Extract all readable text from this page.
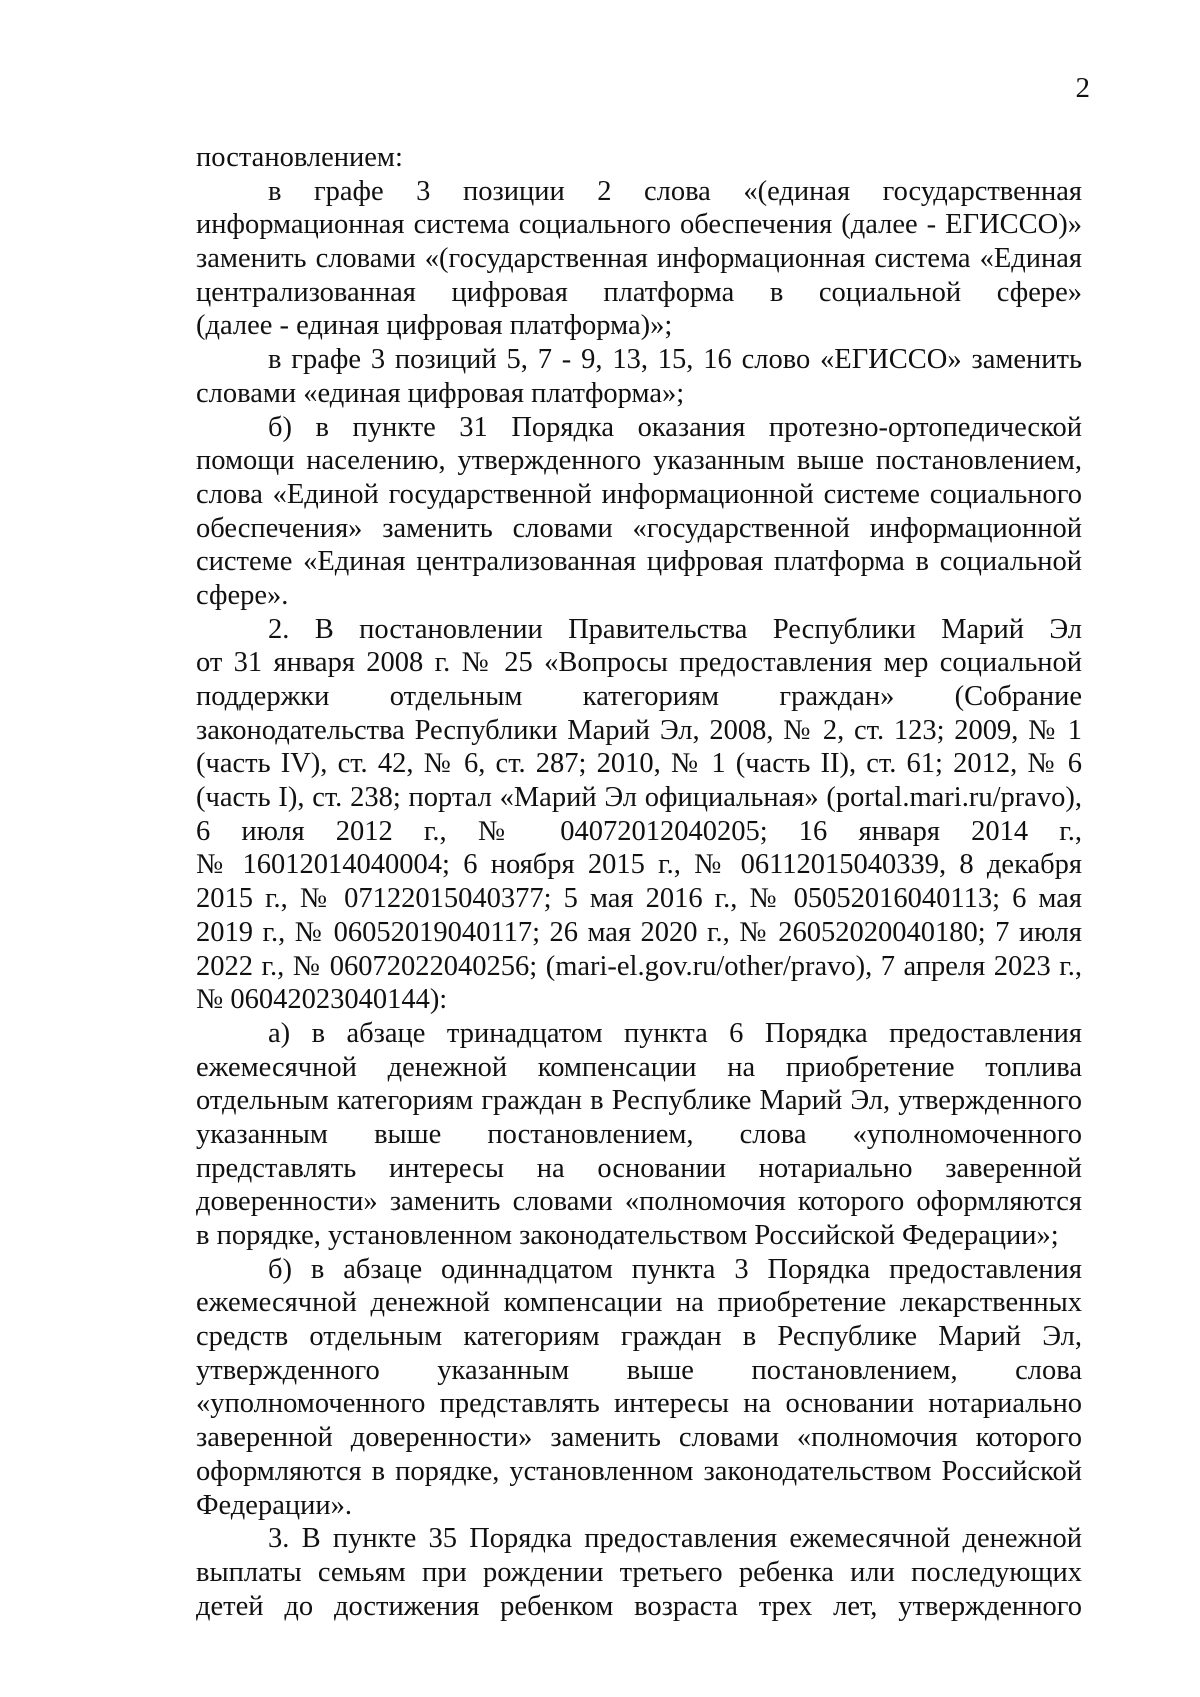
2
постановлением:
в графе 3 позиции 2 слова «(единая государственная
информационная система социального обеспечения (далее - ЕГИССО)»
заменить словами «(государственная информационная система «Единая
централизованная цифровая платформа в социальной сфере»
(далее - единая цифровая платформа)»;
в графе 3 позиций 5, 7 - 9, 13, 15, 16 слово «ЕГИССО» заменить
словами «единая цифровая платформа»;
б) в пункте 31 Порядка оказания протезно-ортопедической
помощи населению, утвержденного указанным выше постановлением,
слова «Единой государственной информационной системе социального
обеспечения» заменить словами «государственной информационной
системе «Единая централизованная цифровая платформа в социальной
сфере».
2. В постановлении Правительства Республики Марий Эл
от 31 января 2008 г. № 25 «Вопросы предоставления мер социальной
поддержки отдельным категориям граждан» (Собрание
законодательства Республики Марий Эл, 2008, № 2, ст. 123; 2009, № 1
(часть IV), ст. 42, № 6, ст. 287; 2010, № 1 (часть II), ст. 61; 2012, № 6
(часть I), ст. 238; портал «Марий Эл официальная» (portal.mari.ru/pravo),
6 июля 2012 г., № 04072012040205; 16 января 2014 г.,
№ 16012014040004; 6 ноября 2015 г., № 06112015040339, 8 декабря
2015 г., № 07122015040377; 5 мая 2016 г., № 05052016040113; 6 мая
2019 г., № 06052019040117; 26 мая 2020 г., № 26052020040180; 7 июля
2022 г., № 06072022040256; (mari-el.gov.ru/other/pravo), 7 апреля 2023 г.,
№ 06042023040144):
а) в абзаце тринадцатом пункта 6 Порядка предоставления
ежемесячной денежной компенсации на приобретение топлива
отдельным категориям граждан в Республике Марий Эл, утвержденного
указанным выше постановлением, слова «уполномоченного
представлять интересы на основании нотариально заверенной
доверенности» заменить словами «полномочия которого оформляются
в порядке, установленном законодательством Российской Федерации»;
б) в абзаце одиннадцатом пункта 3 Порядка предоставления
ежемесячной денежной компенсации на приобретение лекарственных
средств отдельным категориям граждан в Республике Марий Эл,
утвержденного указанным выше постановлением, слова
«уполномоченного представлять интересы на основании нотариально
заверенной доверенности» заменить словами «полномочия которого
оформляются в порядке, установленном законодательством Российской
Федерации».
3. В пункте 35 Порядка предоставления ежемесячной денежной
выплаты семьям при рождении третьего ребенка или последующих
детей до достижения ребенком возраста трех лет, утвержденного
